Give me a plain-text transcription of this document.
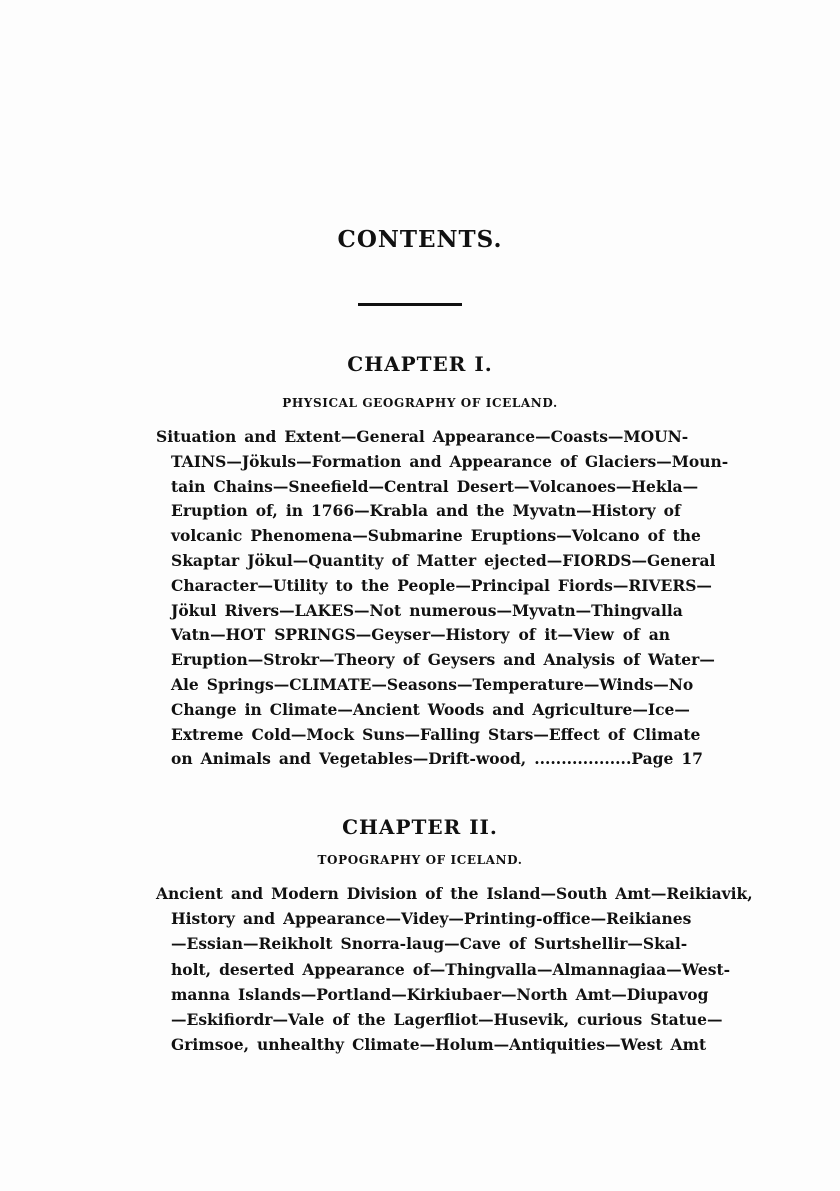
CONTENTS.
CHAPTER I.
PHYSICAL GEOGRAPHY OF ICELAND.
Situation and Extent—General Appearance—Coasts—MOUN-
TAINS—Jökuls—Formation and Appearance of Glaciers—Moun-
tain Chains—Sneefield—Central Desert—Volcanoes—Hekla—
Eruption of, in 1766—Krabla and the Myvatn—History of
volcanic Phenomena—Submarine Eruptions—Volcano of the
Skaptar Jökul—Quantity of Matter ejected—FIORDS—General
Character—Utility to the People—Principal Fiords—RIVERS—
Jökul Rivers—LAKES—Not numerous—Myvatn—Thingvalla
Vatn—HOT SPRINGS—Geyser—History of it—View of an
Eruption—Strokr—Theory of Geysers and Analysis of Water—
Ale Springs—CLIMATE—Seasons—Temperature—Winds—No
Change in Climate—Ancient Woods and Agriculture—Ice—
Extreme Cold—Mock Suns—Falling Stars—Effect of Climate
on Animals and Vegetables—Drift-wood, ..................Page 17
CHAPTER II.
TOPOGRAPHY OF ICELAND.
Ancient and Modern Division of the Island—South Amt—Reikiavik,
History and Appearance—Videy—Printing-office—Reikianes
—Essian—Reikholt Snorra-laug—Cave of Surtshellir—Skal-
holt, deserted Appearance of—Thingvalla—Almannagiaa—West-
manna Islands—Portland—Kirkiubaer—North Amt—Diupavog
—Eskifiordr—Vale of the Lagerfliot—Husevik, curious Statue—
Grimsoe, unhealthy Climate—Holum—Antiquities—West Amt
